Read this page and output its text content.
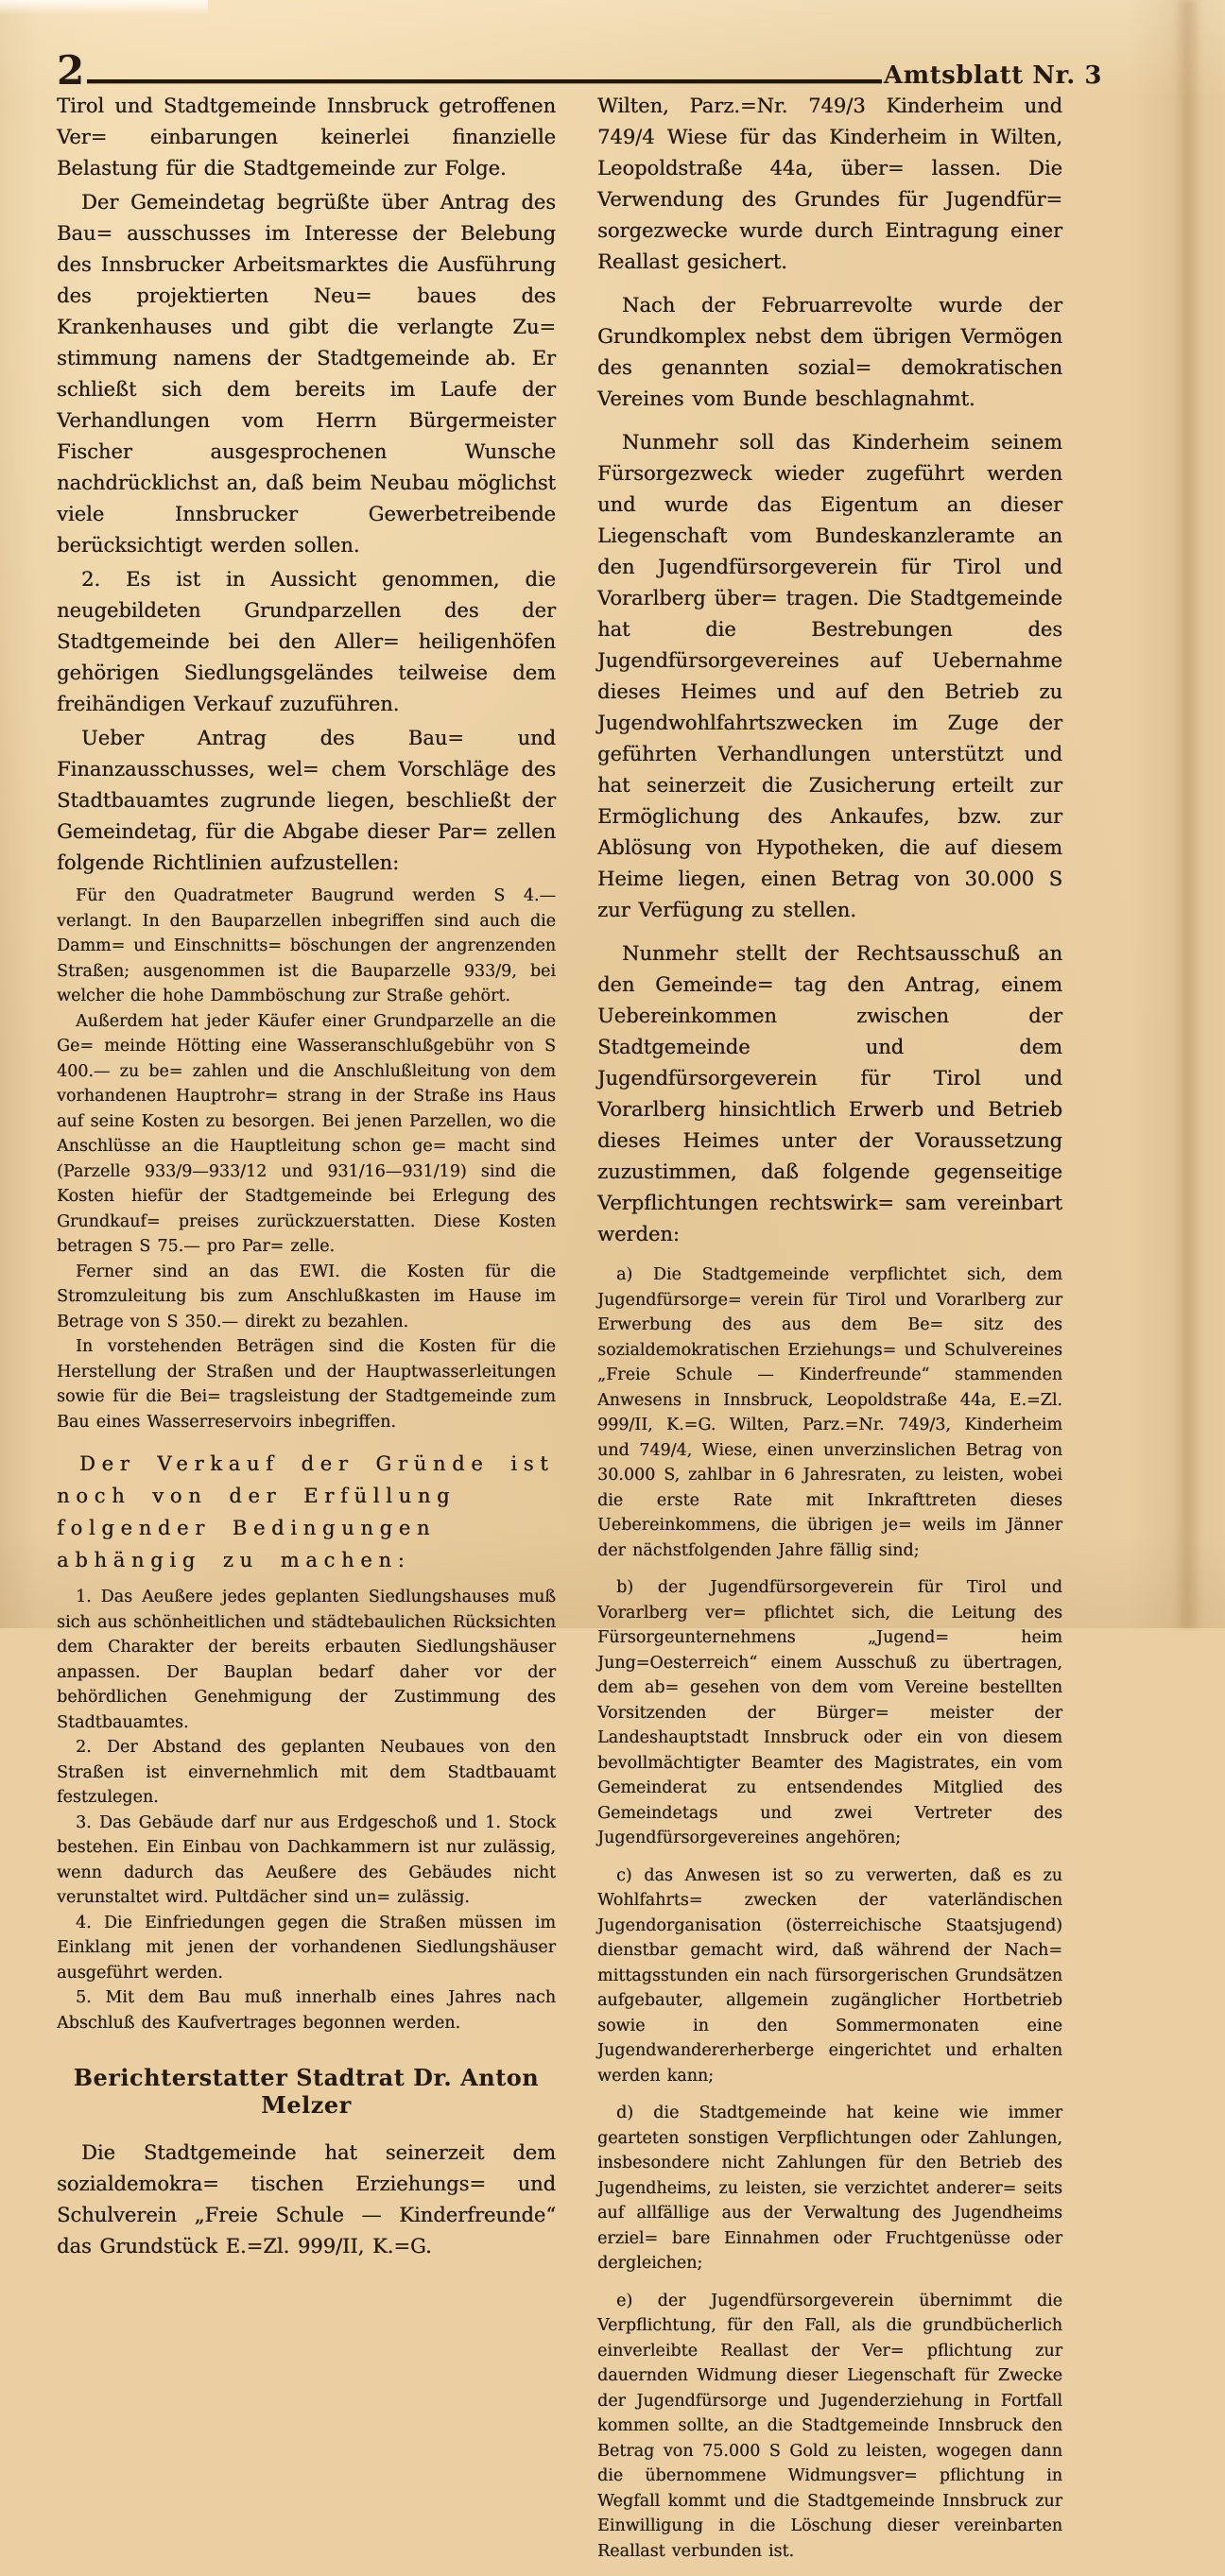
2	Amtsblatt Nr. 3

Tirol und Stadtgemeinde Innsbruck getroffenen Ver= einbarungen keinerlei finanzielle Belastung für die Stadtgemeinde zur Folge.

Der Gemeindetag begrüßte über Antrag des Bau= ausschusses im Interesse der Belebung des Innsbrucker Arbeitsmarktes die Ausführung des projektierten Neu= baues des Krankenhauses und gibt die verlangte Zu= stimmung namens der Stadtgemeinde ab. Er schließt sich dem bereits im Laufe der Verhandlungen vom Herrn Bürgermeister Fischer ausgesprochenen Wunsche nachdrücklichst an, daß beim Neubau möglichst viele Innsbrucker Gewerbetreibende berücksichtigt werden sollen.

2. Es ist in Aussicht genommen, die neugebildeten Grundparzellen des der Stadtgemeinde bei den Aller= heiligenhöfen gehörigen Siedlungsgeländes teilweise dem freihändigen Verkauf zuzuführen.

Ueber Antrag des Bau= und Finanzausschusses, wel= chem Vorschläge des Stadtbauamtes zugrunde liegen, beschließt der Gemeindetag, für die Abgabe dieser Par= zellen folgende Richtlinien aufzustellen:

Für den Quadratmeter Baugrund werden S 4.— verlangt. In den Bauparzellen inbegriffen sind auch die Damm= und Einschnitts= böschungen der angrenzenden Straßen; ausgenommen ist die Bauparzelle 933/9, bei welcher die hohe Dammböschung zur Straße gehört.

Außerdem hat jeder Käufer einer Grundparzelle an die Ge= meinde Hötting eine Wasseranschlußgebühr von S 400.— zu be= zahlen und die Anschlußleitung von dem vorhandenen Hauptrohr= strang in der Straße ins Haus auf seine Kosten zu besorgen. Bei jenen Parzellen, wo die Anschlüsse an die Hauptleitung schon ge= macht sind (Parzelle 933/9—933/12 und 931/16—931/19) sind die Kosten hiefür der Stadtgemeinde bei Erlegung des Grundkauf= preises zurückzuerstatten. Diese Kosten betragen S 75.— pro Par= zelle.

Ferner sind an das EWI. die Kosten für die Stromzuleitung bis zum Anschlußkasten im Hause im Betrage von S 350.— direkt zu bezahlen.

In vorstehenden Beträgen sind die Kosten für die Herstellung der Straßen und der Hauptwasserleitungen sowie für die Bei= tragsleistung der Stadtgemeinde zum Bau eines Wasserreservoirs inbegriffen.

Der Verkauf der Gründe ist noch von der Erfüllung folgender Bedingungen abhängig zu machen:

1. Das Aeußere jedes geplanten Siedlungshauses muß sich aus schönheitlichen und städtebaulichen Rücksichten dem Charakter der bereits erbauten Siedlungshäuser anpassen. Der Bauplan bedarf daher vor der behördlichen Genehmigung der Zustimmung des Stadtbauamtes.

2. Der Abstand des geplanten Neubaues von den Straßen ist einvernehmlich mit dem Stadtbauamt festzulegen.

3. Das Gebäude darf nur aus Erdgeschoß und 1. Stock bestehen. Ein Einbau von Dachkammern ist nur zulässig, wenn dadurch das Aeußere des Gebäudes nicht verunstaltet wird. Pultdächer sind un= zulässig.

4. Die Einfriedungen gegen die Straßen müssen im Einklang mit jenen der vorhandenen Siedlungshäuser ausgeführt werden.

5. Mit dem Bau muß innerhalb eines Jahres nach Abschluß des Kaufvertrages begonnen werden.

Berichterstatter Stadtrat Dr. Anton Melzer

Die Stadtgemeinde hat seinerzeit dem sozialdemokra= tischen Erziehungs= und Schulverein „Freie Schule — Kinderfreunde“ das Grundstück E.=Zl. 999/II, K.=G.

Wilten, Parz.=Nr. 749/3 Kinderheim und 749/4 Wiese für das Kinderheim in Wilten, Leopoldstraße 44a, über= lassen. Die Verwendung des Grundes für Jugendfür= sorgezwecke wurde durch Eintragung einer Reallast gesichert.

Nach der Februarrevolte wurde der Grundkomplex nebst dem übrigen Vermögen des genannten sozial= demokratischen Vereines vom Bunde beschlagnahmt.

Nunmehr soll das Kinderheim seinem Fürsorgezweck wieder zugeführt werden und wurde das Eigentum an dieser Liegenschaft vom Bundeskanzleramte an den Jugendfürsorgeverein für Tirol und Vorarlberg über= tragen. Die Stadtgemeinde hat die Bestrebungen des Jugendfürsorgevereines auf Uebernahme dieses Heimes und auf den Betrieb zu Jugendwohlfahrtszwecken im Zuge der geführten Verhandlungen unterstützt und hat seinerzeit die Zusicherung erteilt zur Ermöglichung des Ankaufes, bzw. zur Ablösung von Hypotheken, die auf diesem Heime liegen, einen Betrag von 30.000 S zur Verfügung zu stellen.

Nunmehr stellt der Rechtsausschuß an den Gemeinde= tag den Antrag, einem Uebereinkommen zwischen der Stadtgemeinde und dem Jugendfürsorgeverein für Tirol und Vorarlberg hinsichtlich Erwerb und Betrieb dieses Heimes unter der Voraussetzung zuzustimmen, daß folgende gegenseitige Verpflichtungen rechtswirk= sam vereinbart werden:

a) Die Stadtgemeinde verpflichtet sich, dem Jugendfürsorge= verein für Tirol und Vorarlberg zur Erwerbung des aus dem Be= sitz des sozialdemokratischen Erziehungs= und Schulvereines „Freie Schule — Kinderfreunde“ stammenden Anwesens in Innsbruck, Leopoldstraße 44a, E.=Zl. 999/II, K.=G. Wilten, Parz.=Nr. 749/3, Kinderheim und 749/4, Wiese, einen unverzinslichen Betrag von 30.000 S, zahlbar in 6 Jahresraten, zu leisten, wobei die erste Rate mit Inkrafttreten dieses Uebereinkommens, die übrigen je= weils im Jänner der nächstfolgenden Jahre fällig sind;

b) der Jugendfürsorgeverein für Tirol und Vorarlberg ver= pflichtet sich, die Leitung des Fürsorgeunternehmens „Jugend= heim Jung=Oesterreich“ einem Ausschuß zu übertragen, dem ab= gesehen von dem vom Vereine bestellten Vorsitzenden der Bürger= meister der Landeshauptstadt Innsbruck oder ein von diesem bevollmächtigter Beamter des Magistrates, ein vom Gemeinderat zu entsendendes Mitglied des Gemeindetags und zwei Vertreter des Jugendfürsorgevereines angehören;

c) das Anwesen ist so zu verwerten, daß es zu Wohlfahrts= zwecken der vaterländischen Jugendorganisation (österreichische Staatsjugend) dienstbar gemacht wird, daß während der Nach= mittagsstunden ein nach fürsorgerischen Grundsätzen aufgebauter, allgemein zugänglicher Hortbetrieb sowie in den Sommermonaten eine Jugendwandererherberge eingerichtet und erhalten werden kann;

d) die Stadtgemeinde hat keine wie immer gearteten sonstigen Verpflichtungen oder Zahlungen, insbesondere nicht Zahlungen für den Betrieb des Jugendheims, zu leisten, sie verzichtet anderer= seits auf allfällige aus der Verwaltung des Jugendheims erziel= bare Einnahmen oder Fruchtgenüsse oder dergleichen;

e) der Jugendfürsorgeverein übernimmt die Verpflichtung, für den Fall, als die grundbücherlich einverleibte Reallast der Ver= pflichtung zur dauernden Widmung dieser Liegenschaft für Zwecke der Jugendfürsorge und Jugenderziehung in Fortfall kommen sollte, an die Stadtgemeinde Innsbruck den Betrag von 75.000 S Gold zu leisten, wogegen dann die übernommene Widmungsver= pflichtung in Wegfall kommt und die Stadtgemeinde Innsbruck zur Einwilligung in die Löschung dieser vereinbarten Reallast verbunden ist.
